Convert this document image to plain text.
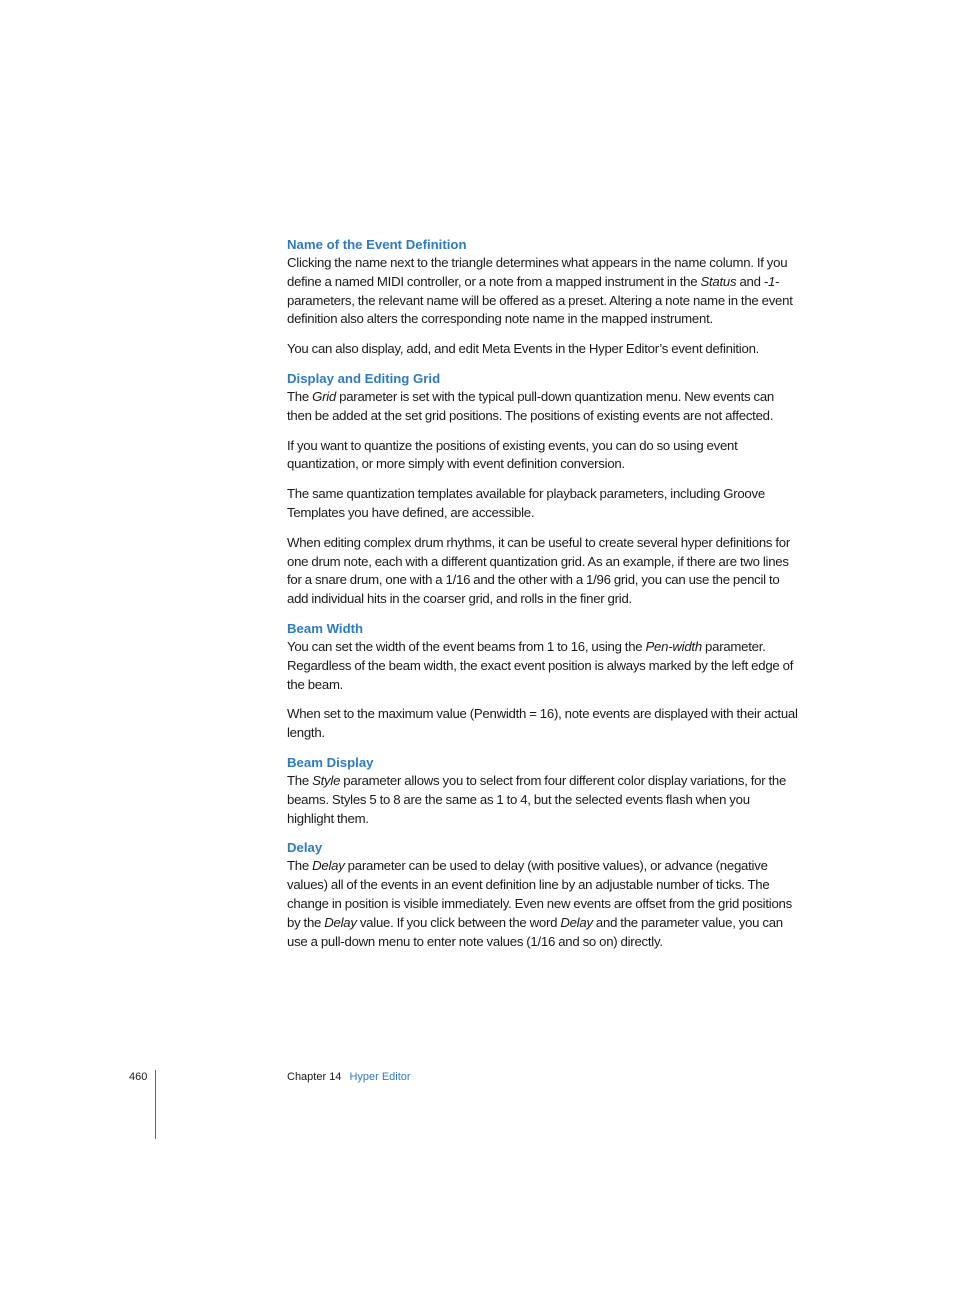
Name of the Event Definition

Clicking the name next to the triangle determines what appears in the name column. If you define a named MIDI controller, or a note from a mapped instrument in the Status and -1- parameters, the relevant name will be offered as a preset. Altering a note name in the event definition also alters the corresponding note name in the mapped instrument.

You can also display, add, and edit Meta Events in the Hyper Editor’s event definition.

Display and Editing Grid

The Grid parameter is set with the typical pull-down quantization menu. New events can then be added at the set grid positions. The positions of existing events are not affected.

If you want to quantize the positions of existing events, you can do so using event quantization, or more simply with event definition conversion.

The same quantization templates available for playback parameters, including Groove Templates you have defined, are accessible.

When editing complex drum rhythms, it can be useful to create several hyper definitions for one drum note, each with a different quantization grid. As an example, if there are two lines for a snare drum, one with a 1/16 and the other with a 1/96 grid, you can use the pencil to add individual hits in the coarser grid, and rolls in the finer grid.

Beam Width

You can set the width of the event beams from 1 to 16, using the Pen-width parameter. Regardless of the beam width, the exact event position is always marked by the left edge of the beam.

When set to the maximum value (Penwidth = 16), note events are displayed with their actual length.

Beam Display

The Style parameter allows you to select from four different color display variations, for the beams. Styles 5 to 8 are the same as 1 to 4, but the selected events flash when you highlight them.

Delay

The Delay parameter can be used to delay (with positive values), or advance (negative values) all of the events in an event definition line by an adjustable number of ticks. The change in position is visible immediately. Even new events are offset from the grid positions by the Delay value. If you click between the word Delay and the parameter value, you can use a pull-down menu to enter note values (1/16 and so on) directly.

460	Chapter 14 Hyper Editor
